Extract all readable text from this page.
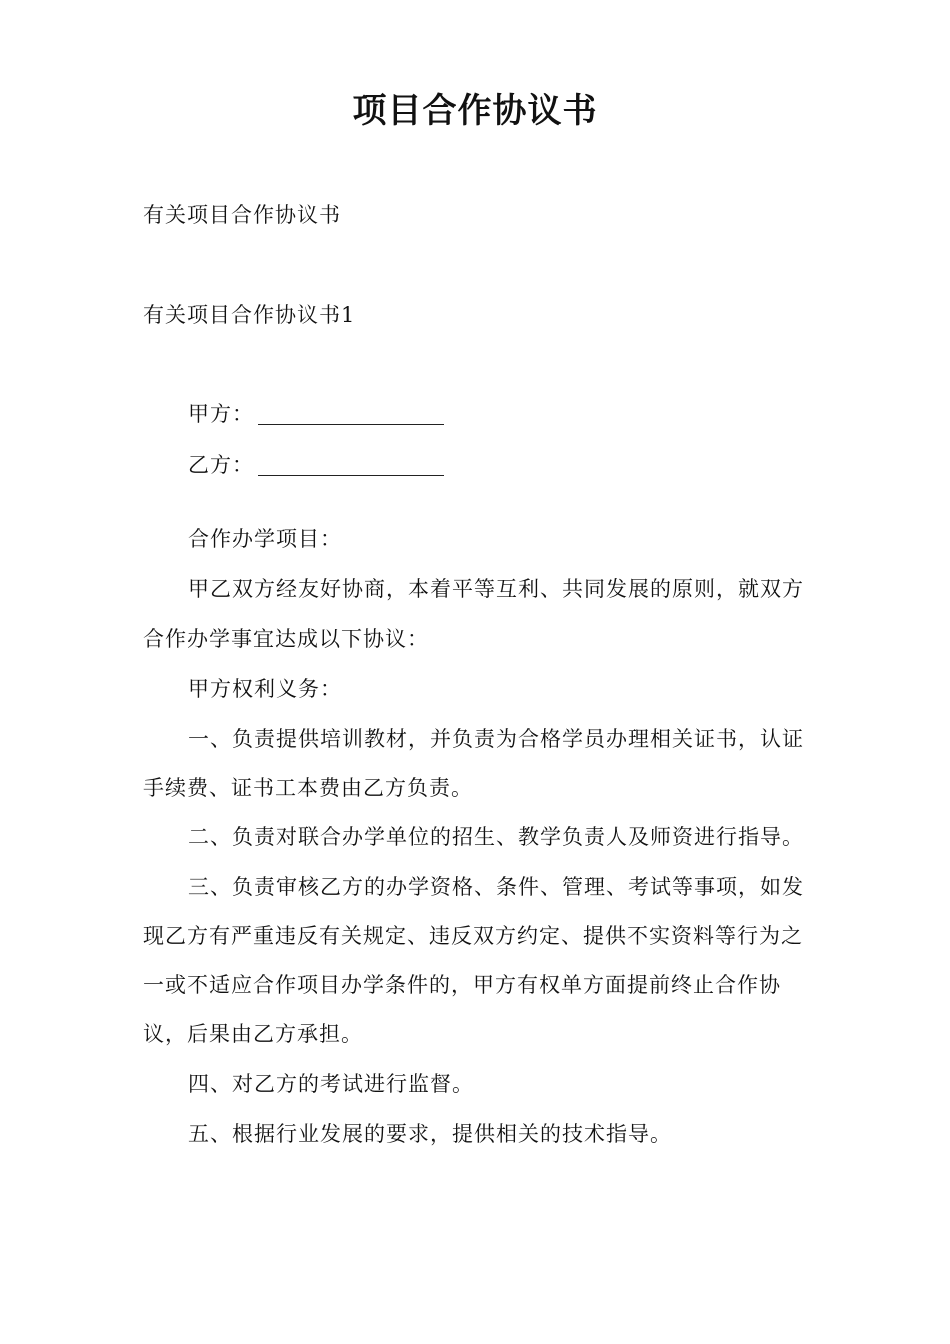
项目合作协议书
有关项目合作协议书
有关项目合作协议书1
甲方：
乙方：
合作办学项目：
甲乙双方经友好协商，本着平等互利、共同发展的原则，就双方
合作办学事宜达成以下协议：
甲方权利义务：
一、负责提供培训教材，并负责为合格学员办理相关证书，认证
手续费、证书工本费由乙方负责。
二、负责对联合办学单位的招生、教学负责人及师资进行指导。
三、负责审核乙方的办学资格、条件、管理、考试等事项，如发
现乙方有严重违反有关规定、违反双方约定、提供不实资料等行为之
一或不适应合作项目办学条件的，甲方有权单方面提前终止合作协
议，后果由乙方承担。
四、对乙方的考试进行监督。
五、根据行业发展的要求，提供相关的技术指导。
